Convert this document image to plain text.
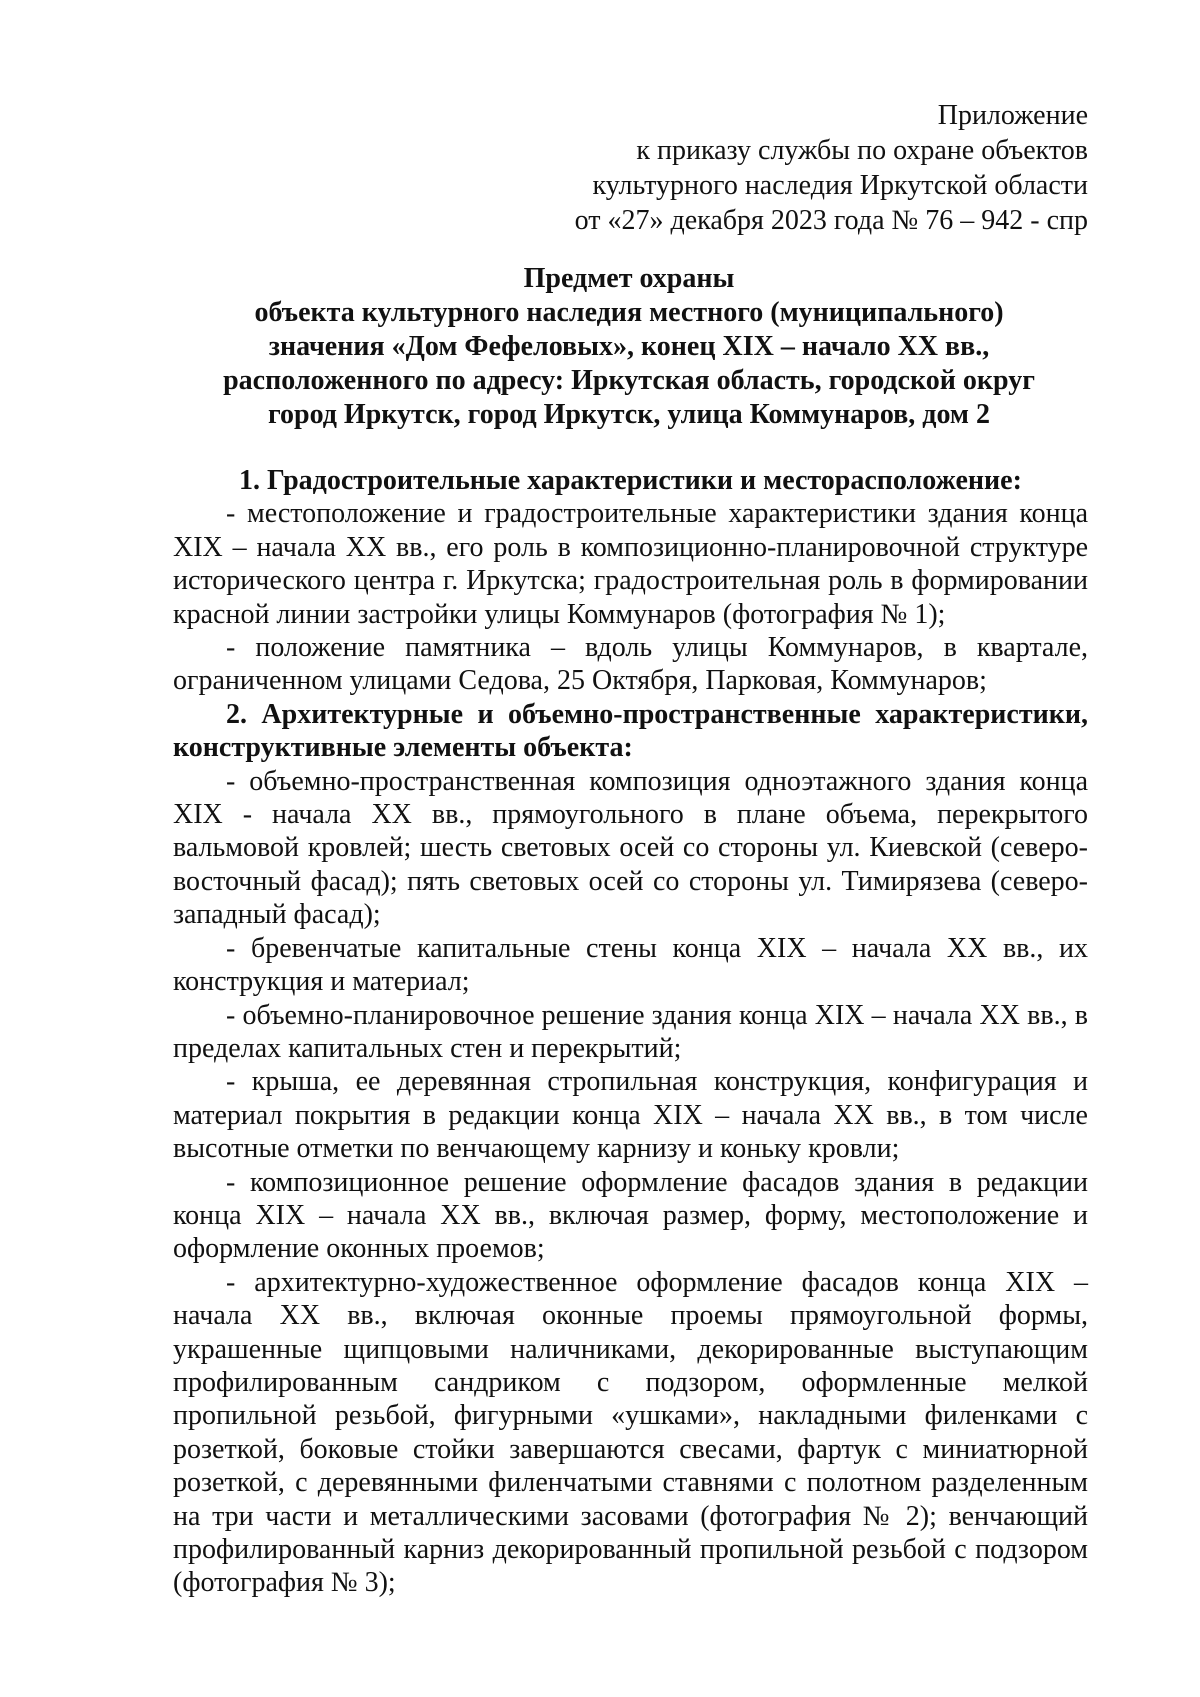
Приложение
к приказу службы по охране объектов
культурного наследия Иркутской области
от «27» декабря 2023 года № 76 – 942 - спр
Предмет охраны
объекта культурного наследия местного (муниципального)
значения «Дом Фефеловых», конец XIX – начало XX вв.,
расположенного по адресу: Иркутская область, городской округ
город Иркутск, город Иркутск, улица Коммунаров, дом 2

1. Градостроительные характеристики и месторасположение:

- местоположение и градостроительные характеристики здания конца XIX – начала XX вв., его роль в композиционно-планировочной структуре исторического центра г. Иркутска; градостроительная роль в формировании красной линии застройки улицы Коммунаров (фотография № 1);

- положение памятника – вдоль улицы Коммунаров, в квартале, ограниченном улицами Седова, 25 Октября, Парковая, Коммунаров;

2. Архитектурные и объемно-пространственные характеристики, конструктивные элементы объекта:

- объемно-пространственная композиция одноэтажного здания конца XIX - начала XX вв., прямоугольного в плане объема, перекрытого вальмовой кровлей; шесть световых осей со стороны ул. Киевской (северо-восточный фасад); пять световых осей со стороны ул. Тимирязева (северо-западный фасад);

- бревенчатые капитальные стены конца XIX – начала XX вв., их конструкция и материал;

- объемно-планировочное решение здания конца XIX – начала XX вв., в пределах капитальных стен и перекрытий;

- крыша, ее деревянная стропильная конструкция, конфигурация и материал покрытия в редакции конца XIX – начала XX вв., в том числе высотные отметки по венчающему карнизу и коньку кровли;

- композиционное решение оформление фасадов здания в редакции конца XIX – начала XX вв., включая размер, форму, местоположение и оформление оконных проемов;

- архитектурно-художественное оформление фасадов конца XIX – начала XX вв., включая оконные проемы прямоугольной формы, украшенные щипцовыми наличниками, декорированные выступающим профилированным сандриком с подзором, оформленные мелкой пропильной резьбой, фигурными «ушками», накладными филенками с розеткой, боковые стойки завершаются свесами, фартук с миниатюрной розеткой, с деревянными филенчатыми ставнями с полотном разделенным на три части и металлическими засовами (фотография № 2); венчающий профилированный карниз декорированный пропильной резьбой с подзором (фотография № 3);
